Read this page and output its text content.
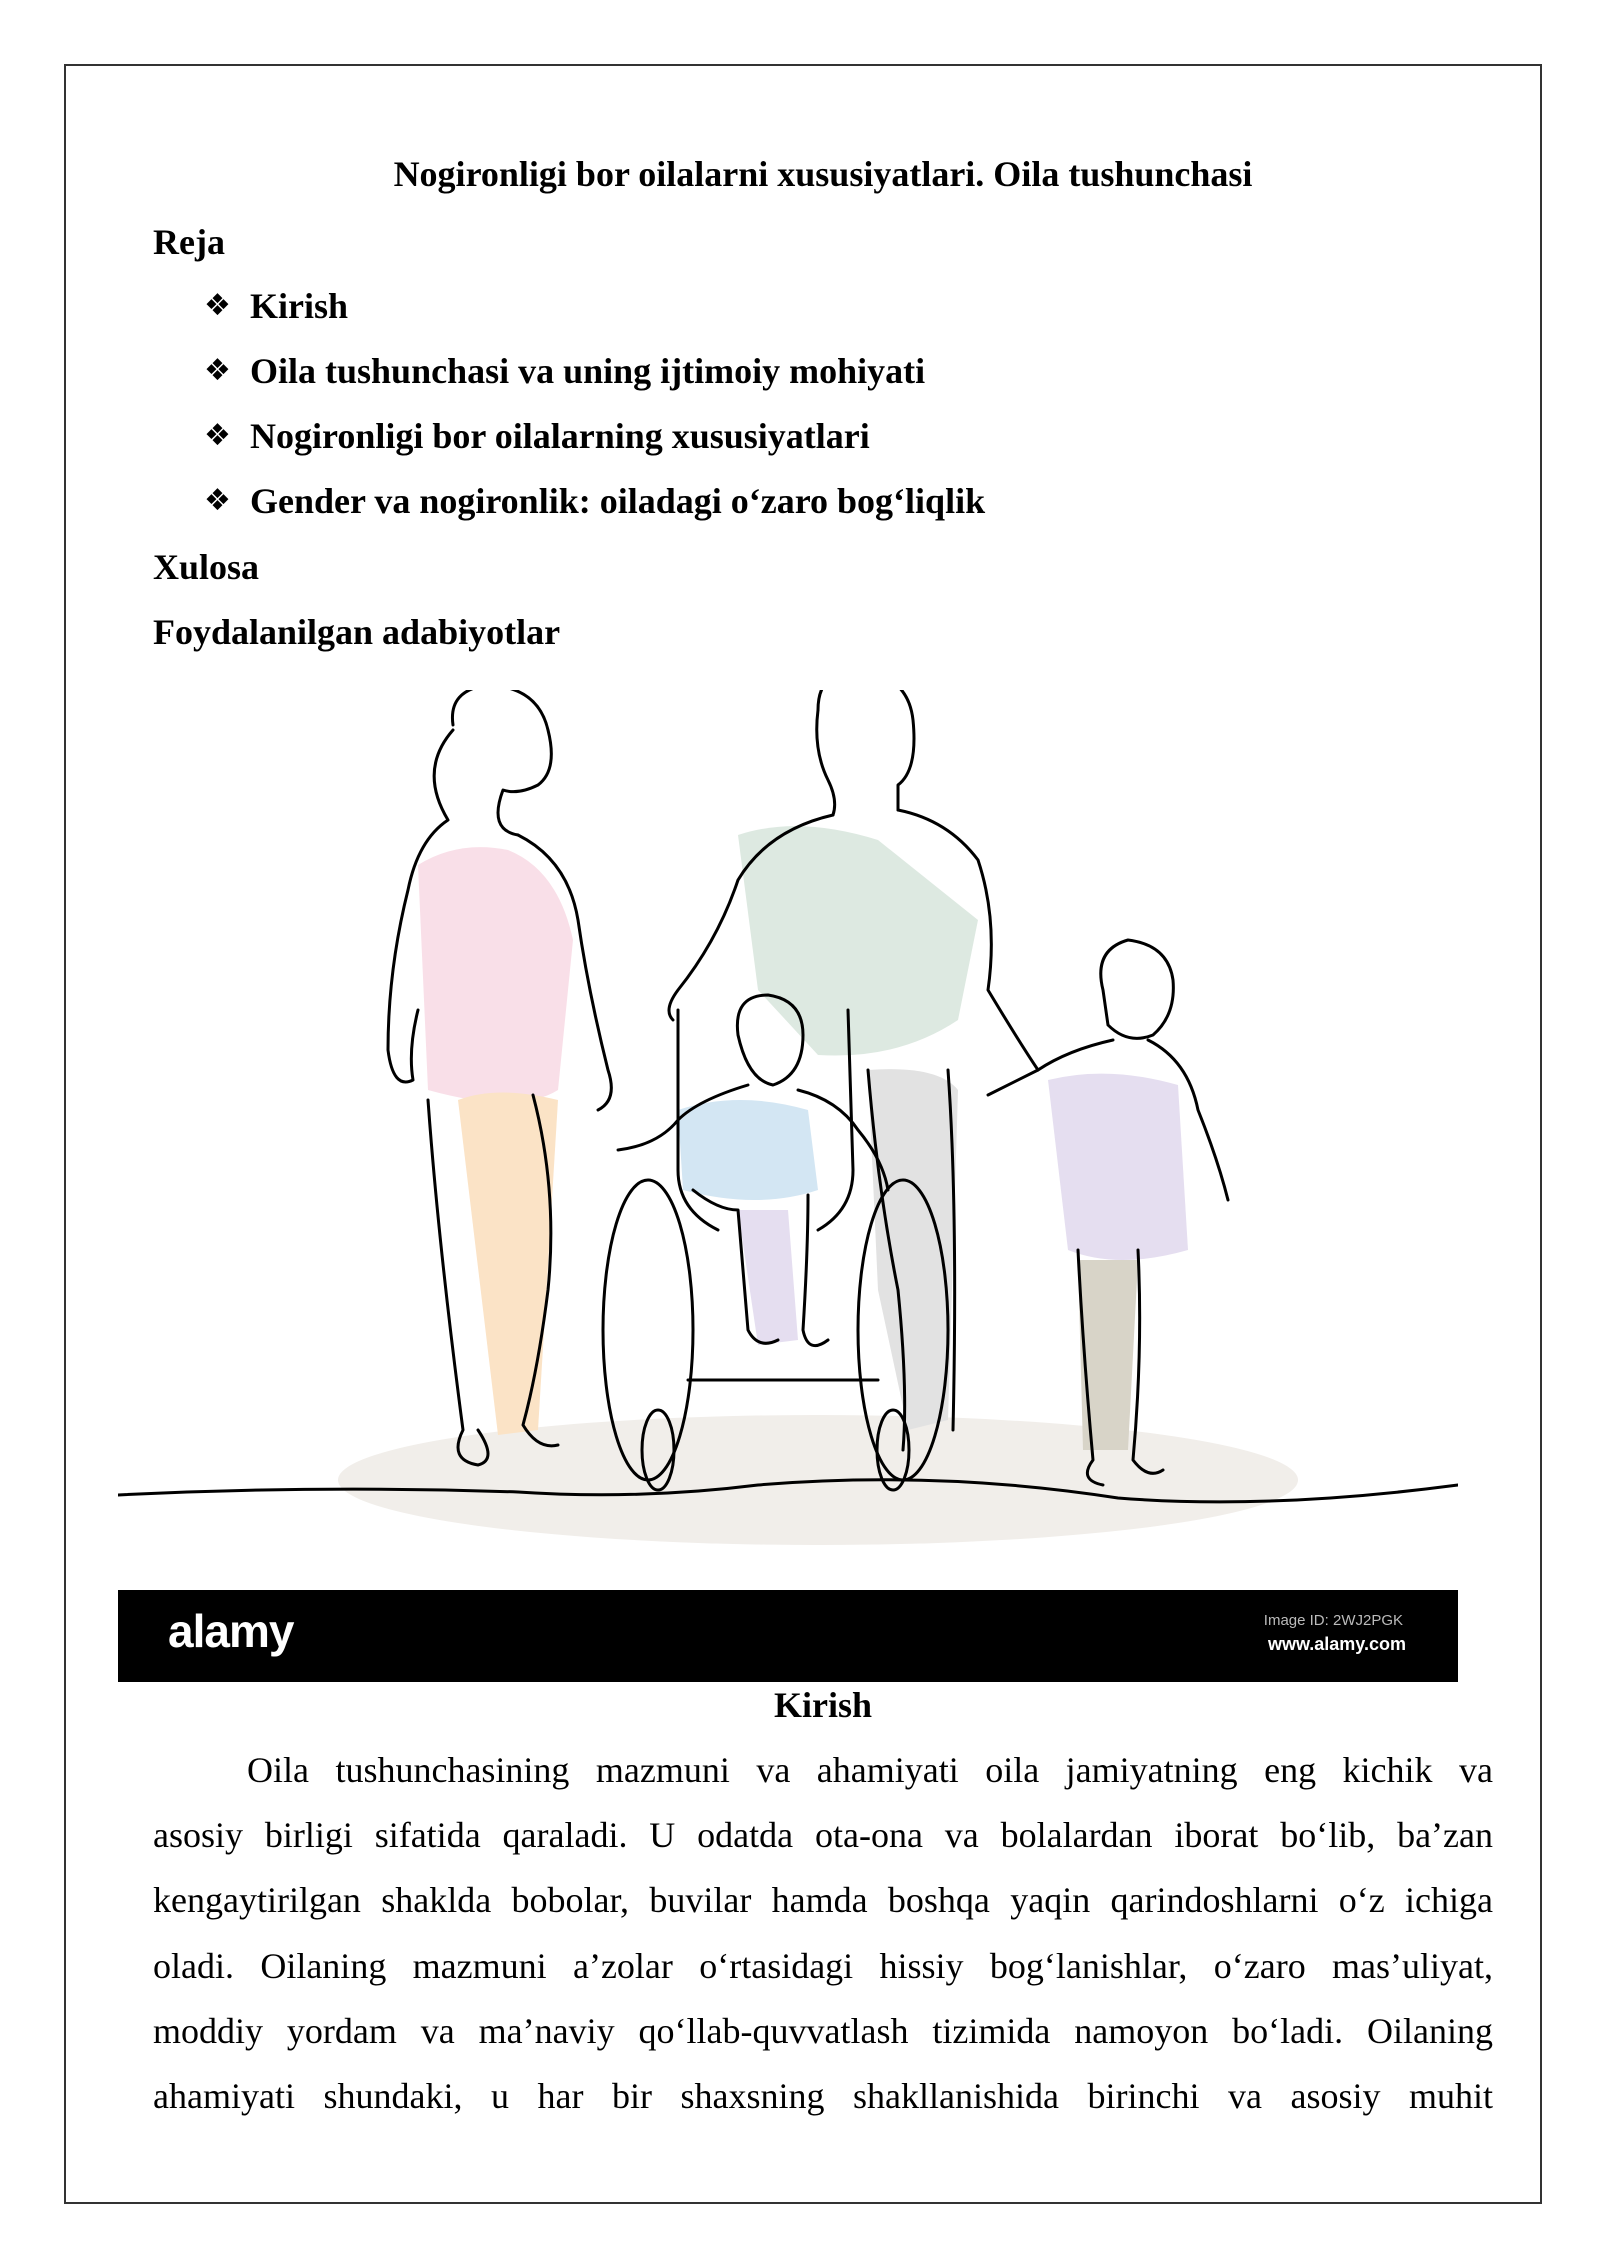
Nogironligi bor oilalarni xususiyatlari. Oila tushunchasi
Reja
❖ Kirish
❖ Oila tushunchasi va uning ijtimoiy mohiyati
❖ Nogironligi bor oilalarning xususiyatlari
❖ Gender va nogironlik: oiladagi o‘zaro bog‘liqlik
Xulosa
Foydalanilgan adabiyotlar
alamy	Image ID: 2WJ2PGK
www.alamy.com
Kirish
Oila tushunchasining mazmuni va ahamiyati oila jamiyatning eng kichik va
asosiy birligi sifatida qaraladi. U odatda ota-ona va bolalardan iborat bo‘lib, ba’zan
kengaytirilgan shaklda bobolar, buvilar hamda boshqa yaqin qarindoshlarni o‘z ichiga
oladi. Oilaning mazmuni a’zolar o‘rtasidagi hissiy bog‘lanishlar, o‘zaro mas’uliyat,
moddiy yordam va ma’naviy qo‘llab-quvvatlash tizimida namoyon bo‘ladi. Oilaning
ahamiyati shundaki, u har bir shaxsning shakllanishida birinchi va asosiy muhit
